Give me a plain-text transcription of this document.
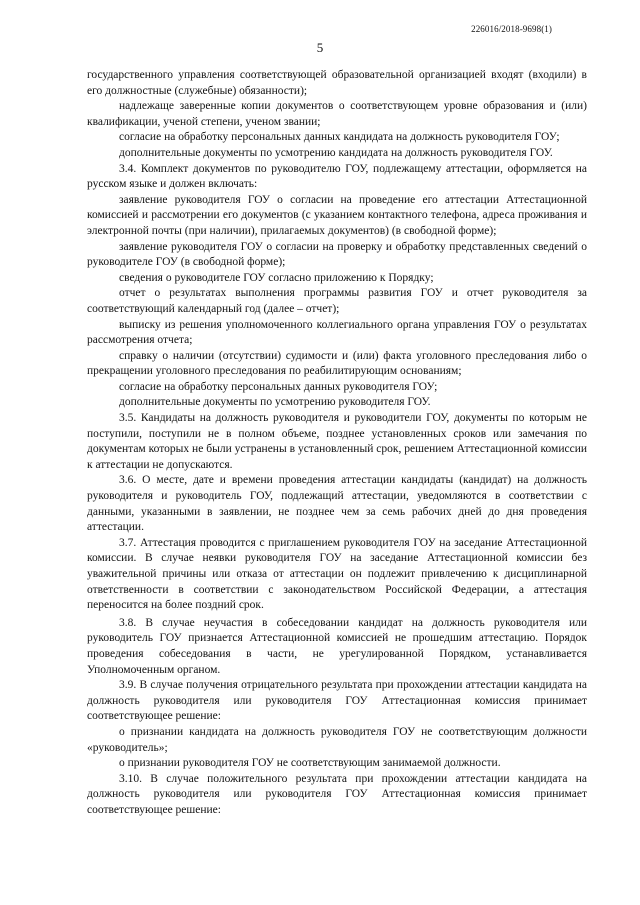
226016/2018-9698(1)
5

государственного управления соответствующей образовательной организацией входят (входили) в его должностные (служебные) обязанности);

надлежаще заверенные копии документов о соответствующем уровне образования и (или) квалификации, ученой степени, ученом звании;

согласие на обработку персональных данных кандидата на должность руководителя ГОУ;

дополнительные документы по усмотрению кандидата на должность руководителя ГОУ.

3.4. Комплект документов по руководителю ГОУ, подлежащему аттестации, оформляется на русском языке и должен включать:

заявление руководителя ГОУ о согласии на проведение его аттестации Аттестационной комиссией и рассмотрении его документов (с указанием контактного телефона, адреса проживания и электронной почты (при наличии), прилагаемых документов) (в свободной форме);

заявление руководителя ГОУ о согласии на проверку и обработку представленных сведений о руководителе ГОУ (в свободной форме);

сведения о руководителе ГОУ согласно приложению к Порядку;

отчет о результатах выполнения программы развития ГОУ и отчет руководителя за соответствующий календарный год (далее – отчет);

выписку из решения уполномоченного коллегиального органа управления ГОУ о результатах рассмотрения отчета;

справку о наличии (отсутствии) судимости и (или) факта уголовного преследования либо о прекращении уголовного преследования по реабилитирующим основаниям;

согласие на обработку персональных данных руководителя ГОУ;

дополнительные документы по усмотрению руководителя ГОУ.

3.5. Кандидаты на должность руководителя и руководители ГОУ, документы по которым не поступили, поступили не в полном объеме, позднее установленных сроков или замечания по документам которых не были устранены в установленный срок, решением Аттестационной комиссии к аттестации не допускаются.

3.6. О месте, дате и времени проведения аттестации кандидаты (кандидат) на должность руководителя и руководитель ГОУ, подлежащий аттестации, уведомляются в соответствии с данными, указанными в заявлении, не позднее чем за семь рабочих дней до дня проведения аттестации.

3.7. Аттестация проводится с приглашением руководителя ГОУ на заседание Аттестационной комиссии. В случае неявки руководителя ГОУ на заседание Аттестационной комиссии без уважительной причины или отказа от аттестации он подлежит привлечению к дисциплинарной ответственности в соответствии с законодательством Российской Федерации, а аттестация переносится на более поздний срок.

3.8. В случае неучастия в собеседовании кандидат на должность руководителя или руководитель ГОУ признается Аттестационной комиссией не прошедшим аттестацию. Порядок проведения собеседования в части, не урегулированной Порядком, устанавливается Уполномоченным органом.

3.9. В случае получения отрицательного результата при прохождении аттестации кандидата на должность руководителя или руководителя ГОУ Аттестационная комиссия принимает соответствующее решение:

о признании кандидата на должность руководителя ГОУ не соответствующим должности «руководитель»;

о признании руководителя ГОУ не соответствующим занимаемой должности.

3.10. В случае положительного результата при прохождении аттестации кандидата на должность руководителя или руководителя ГОУ Аттестационная комиссия принимает соответствующее решение:
